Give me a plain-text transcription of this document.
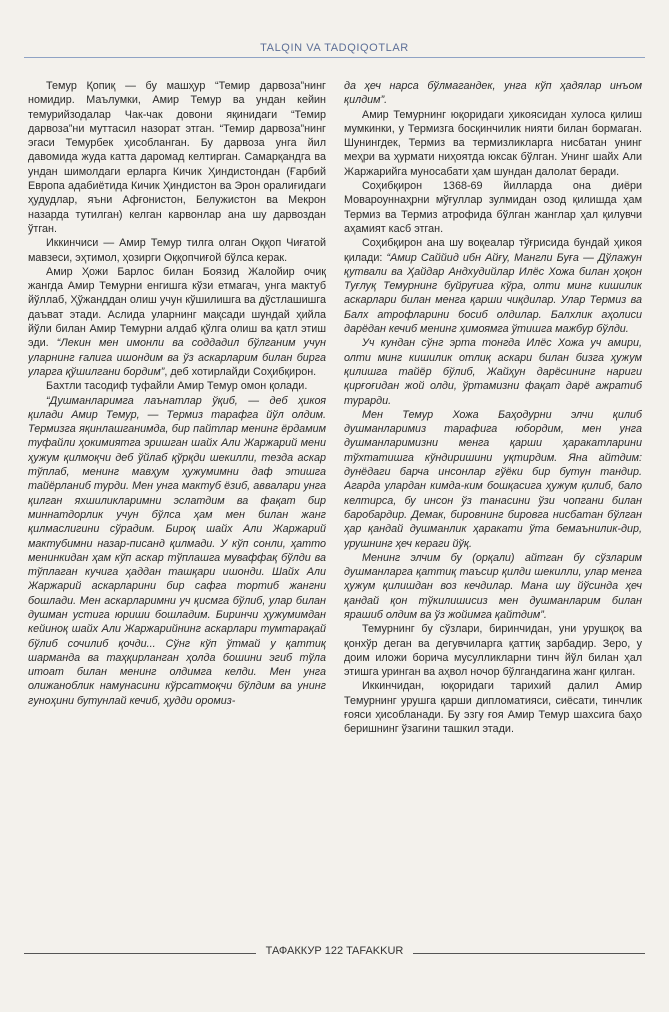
TALQIN VA TADQIQOTLAR

Темур Қопиқ — бу машҳур “Темир дарвоза”нинг номидир. Маълумки, Амир Темур ва ундан кейин темурийзодалар Чак-чак довони яқинидаги “Темир дарвоза”ни муттасил назорат этган. “Темир дарвоза”нинг эгаси Темурбек ҳисобланган. Бу дарвоза унга йил давомида жуда катта даромад келтирган. Самарқандга ва ундан шимолдаги ерларга Кичик Ҳиндистондан (Ғарбий Европа адабиётида Кичик Ҳиндистон ва Эрон оралиғидаги ҳудудлар, яъни Афғонистон, Белужистон ва Мекрон назарда тутилган) келган карвонлар ана шу дарвоздан ўтган.

Иккинчиси — Амир Темур тилга олган Оққоп Чиғатой мавзеси, эҳтимол, ҳозирги Оққопчиғой бўлса керак.

Амир Ҳожи Барлос билан Боязид Жалойир очиқ жангда Амир Темурни енгишга кўзи етмагач, унга мактуб йўллаб, Ҳўжанддан олиш учун кўшилишга ва дўстлашишга даъват этади. Аслида уларнинг мақсади шундай ҳийла йўли билан Амир Темурни алдаб қўлга олиш ва қатл этиш эди. “Лекин мен имонли ва соддадил бўлганим учун уларнинг ғалига ишондим ва ўз аскарларим билан бирга уларга қўшилгани бордим”, деб хотирлайди Соҳибқирон.

Бахтли тасодиф туфайли Амир Темур омон қолади.

“Душманларимга лаънатлар ўқиб, — деб ҳикоя қилади Амир Темур, — Термиз тарафга йўл олдим. Термизга яқинлашганимда, бир пайтлар менинг ёрдамим туфайли ҳокимиятга эришган шайх Али Жаржарий мени ҳужум қилмоқчи деб ўйлаб қўрқди шекилли, тезда аскар тўплаб, менинг мавҳум ҳужумимни даф этишга тайёрланиб турди. Мен унга мактуб ёзиб, аввалари унга қилган яхшиликларимни эслатдим ва фақат бир миннатдорлик учун бўлса ҳам мен билан жанг қилмаслигини сўрадим. Бироқ шайх Али Жаржарий мактубимни назар-писанд қилмади. У кўп сонли, ҳатто менинкидан ҳам кўп аскар тўплашга муваффақ бўлди ва тўплаган кучига ҳаддан ташқари ишонди. Шайх Али Жаржарий аскарларини бир сафга тортиб жангни бошлади. Мен аскарларимни уч қисмга бўлиб, улар билан душман устига юриши бошладим. Биринчи ҳужумимдан кейиноқ шайх Али Жаржарийнинг аскарлари тумтарақай бўлиб сочилиб қочди... Сўнг кўп ўтмай у қаттиқ шарманда ва таҳқирланган ҳолда бошини эгиб тўла итоат билан менинг олдимга келди. Мен унга олижаноблик намунасини кўрсатмоқчи бўлдим ва унинг гуноҳини бутунлай кечиб, ҳудди оромиз-

да ҳеч нарса бўлмагандек, унга кўп ҳадялар инъом қилдим”.

Амир Темурнинг юқоридаги ҳикоясидан хулоса қилиш мумкинки, у Термизга босқинчилик нияти билан бормаган. Шунингдек, Термиз ва термизликларга нисбатан унинг меҳри ва ҳурмати ниҳоятда юксак бўлган. Унинг шайх Али Жаржарийга муносабати ҳам шундан далолат беради.

Соҳибқирон 1368-69 йилларда она диёри Мовароуннаҳрни мўғуллар зулмидан озод қилишда ҳам Термиз ва Термиз атрофида бўлган жанглар ҳал қилувчи аҳамият касб этган.

Соҳибқирон ана шу воқеалар тўғрисида бундай ҳикоя қилади: “Амир Саййид ибн Айғу, Мангли Буға — Дўлажун қутвали ва Ҳайдар Андхудийлар Илёс Хожа билан ҳоқон Туғлуқ Темурнинг буйруғига кўра, олти минг кишилик аскарлари билан менга қарши чиқдилар. Улар Термиз ва Балх атрофларини босиб олдилар. Балхлик аҳолиси дарёдан кечиб менинг ҳимоямга ўтишга мажбур бўлди.

Уч кундан сўнг эрта тонгда Илёс Хожа уч амири, олти минг кишилик отлиқ аскари билан бизга ҳужум қилишга тайёр бўлиб, Жайҳун дарёсининг нариги қирғоғидан жой олди, ўртамизни фақат дарё ажратиб турарди.

Мен Темур Хожа Баҳодурни элчи қилиб душманларимиз тарафига юбордим, мен унга душманларимизни менга қарши ҳаракатларини тўхтатишга кўндиришини уқтирдим. Яна айтдим: дунёдаги барча инсонлар гўёки бир бутун тандир. Агарда улардан кимда-ким бошқасига ҳужум қилиб, бало келтирса, бу инсон ўз танасини ўзи чопгани билан баробардир. Демак, бировнинг бировга нисбатан бўлган ҳар қандай душманлик ҳаракати ўта бемаънилик-дир, урушнинг ҳеч кераги йўқ.

Менинг элчим бу (орқали) айтган бу сўзларим душманларга қаттиқ таъсир қилди шекилли, улар менга ҳужум қилишдан воз кечдилар. Мана шу йўсинда ҳеч қандай қон тўкилишисиз мен душманларим билан ярашиб олдим ва ўз жойимга қайтдим”.

Темурнинг бу сўзлари, биринчидан, уни урушқоқ ва қонхўр деган ва дегувчиларга қаттиқ зарбадир. Зеро, у доим иложи борича мусулликларни тинч йўл билан ҳал этишга уринган ва аҳвол ночор бўлгандагина жанг қилган.

Иккинчидан, юқоридаги тарихий далил Амир Темурнинг урушга қарши дипломатияси, сиёсати, тинчлик ғояси ҳисобланади. Бу эзгу ғоя Амир Темур шахсига баҳо беришнинг ўзагини ташкил этади.

ТАФАККУР 122 TAFAKKUR
